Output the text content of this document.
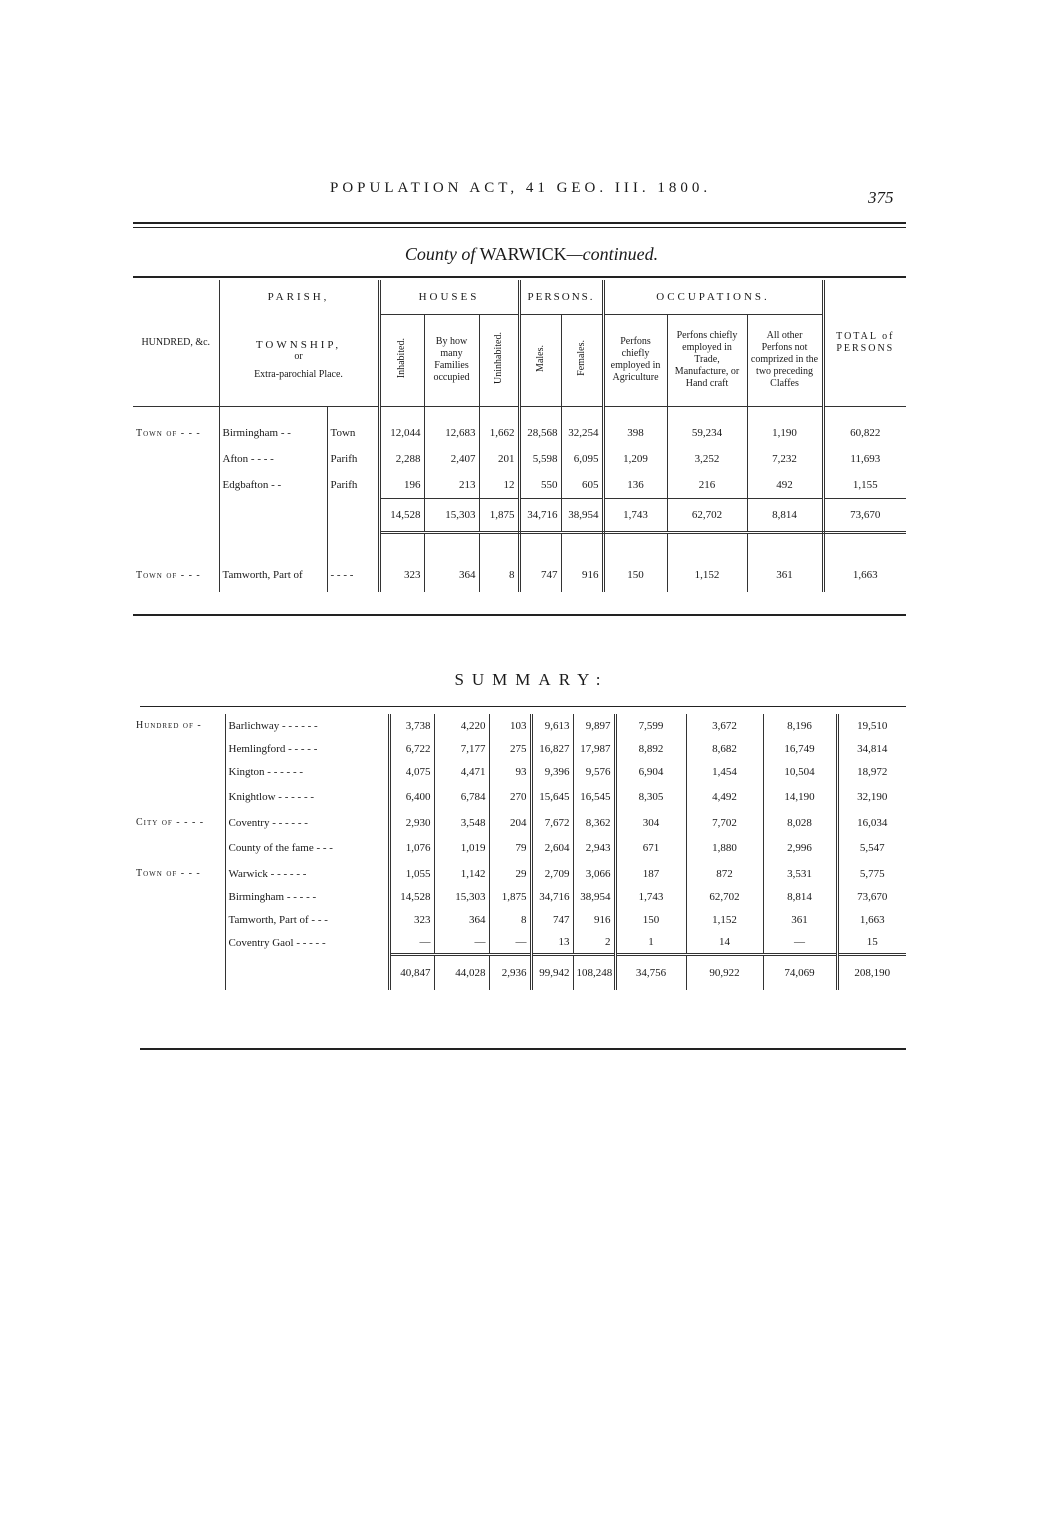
POPULATION ACT, 41 GEO. III. 1800.	375
County of WARWICK—continued.
HUNDRED, &c.	PARISH,		HOUSES			PERSONS.		OCCUPATIONS.			TOTAL of PERSONS

	TOWNSHIP,
or
Extra-parochial Place.		Inhabited.	By how many Families occupied	Uninhabited.	Males.	Females.	Perfons chiefly employed in Agriculture	Perfons chiefly employed in Trade, Manufacture, or Hand craft	All other Perfons not comprized in the two preceding Claffes	

Town of - - -	Birmingham - -	Town	12,044	12,683	1,662	28,568	32,254	398	59,234	1,190	60,822
	Afton - - - -	Parifh	2,288	2,407	201	5,598	6,095	1,209	3,252	7,232	11,693
	Edgbafton - -	Parifh	196	213	12	550	605	136	216	492	1,155
			14,528	15,303	1,875	34,716	38,954	1,743	62,702	8,814	73,670

Town of - - -	Tamworth, Part of	- - - -	323	364	8	747	916	150	1,152	361	1,663
SUMMARY:
Hundred of -	Barlichway - - - - - -	3,738	4,220	103	9,613	9,897	7,599	3,672	8,196	19,510
	Hemlingford - - - - -	6,722	7,177	275	16,827	17,987	8,892	8,682	16,749	34,814
	Kington - - - - - -	4,075	4,471	93	9,396	9,576	6,904	1,454	10,504	18,972
	Knightlow - - - - - -	6,400	6,784	270	15,645	16,545	8,305	4,492	14,190	32,190
City of - - - -	Coventry - - - - - -	2,930	3,548	204	7,672	8,362	304	7,702	8,028	16,034
	County of the fame - - -	1,076	1,019	79	2,604	2,943	671	1,880	2,996	5,547
Town of - - -	Warwick - - - - - -	1,055	1,142	29	2,709	3,066	187	872	3,531	5,775
	Birmingham - - - - -	14,528	15,303	1,875	34,716	38,954	1,743	62,702	8,814	73,670
	Tamworth, Part of - - -	323	364	8	747	916	150	1,152	361	1,663
	Coventry Gaol - - - - -	—	—	—	13	2	1	14	—	15
		40,847	44,028	2,936	99,942	108,248	34,756	90,922	74,069	208,190
